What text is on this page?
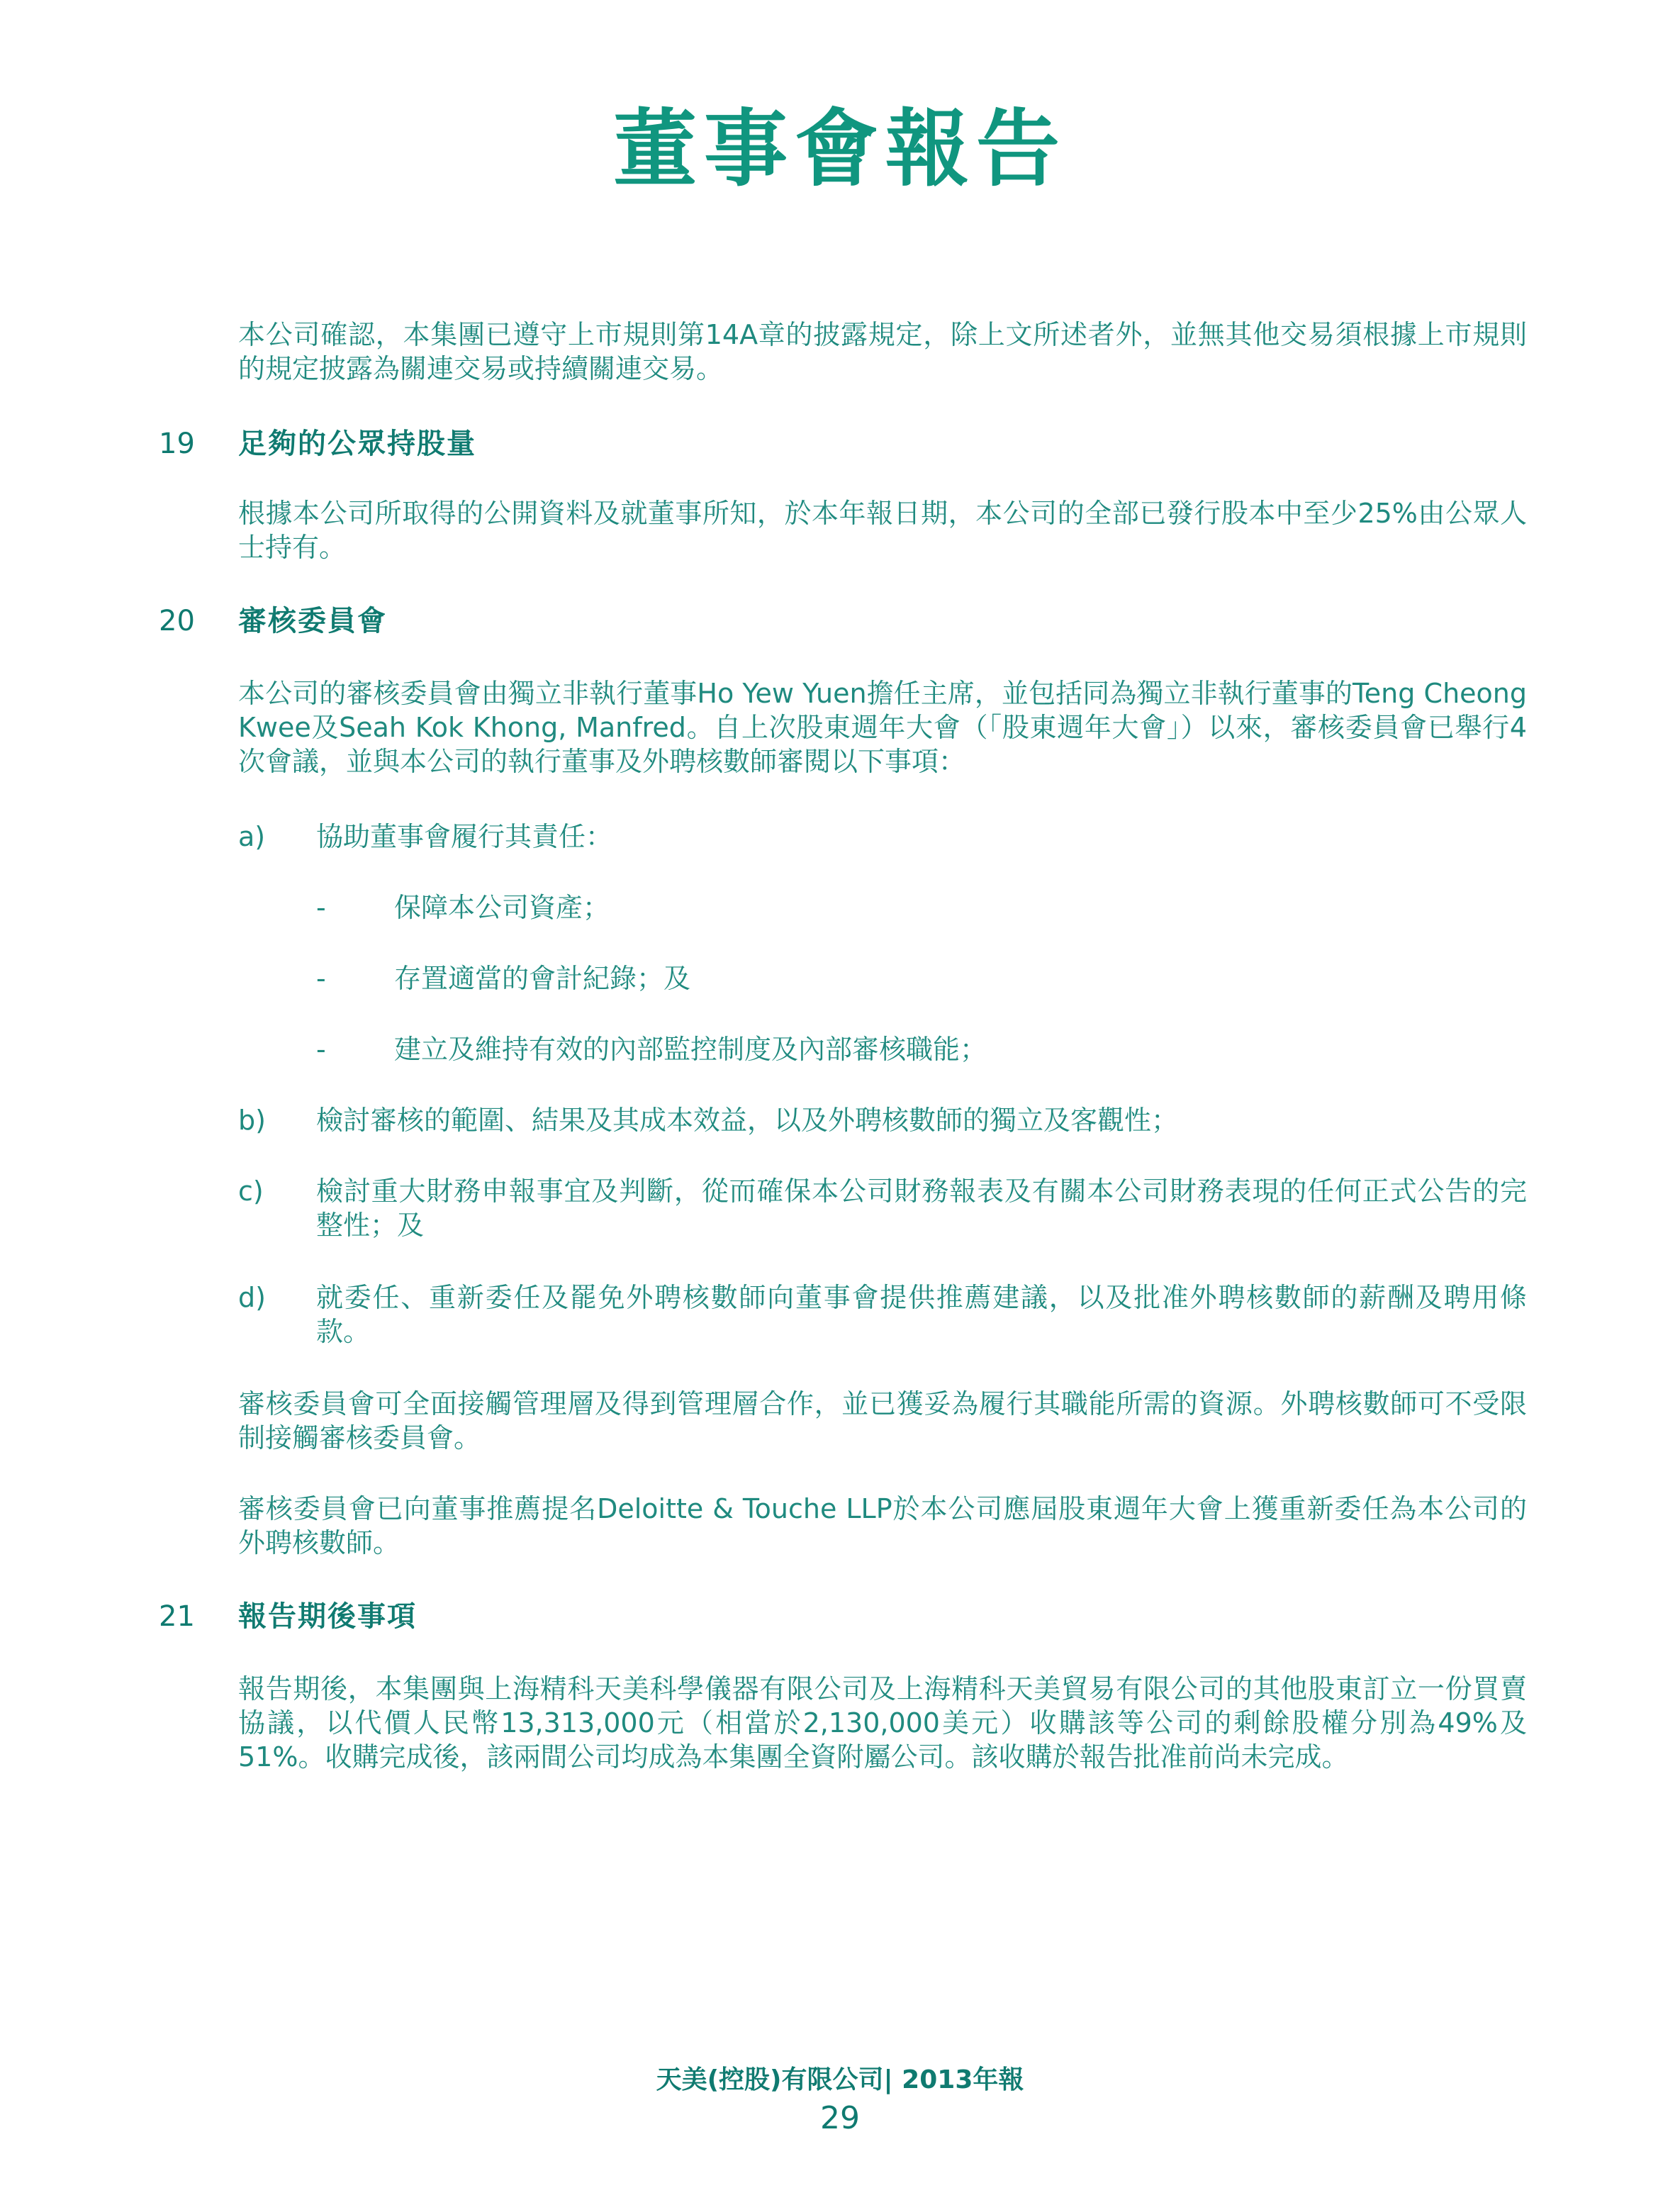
董事會報告
本公司確認，本集團已遵守上市規則第14A章的披露規定，除上文所述者外，並無其他交易須根據上市規則的規定披露為關連交易或持續關連交易。
19 足夠的公眾持股量
根據本公司所取得的公開資料及就董事所知，於本年報日期，本公司的全部已發行股本中至少25%由公眾人士持有。
20 審核委員會
本公司的審核委員會由獨立非執行董事Ho Yew Yuen擔任主席，並包括同為獨立非執行董事的Teng Cheong Kwee及Seah Kok Khong, Manfred。自上次股東週年大會（「股東週年大會」）以來，審核委員會已舉行4次會議，並與本公司的執行董事及外聘核數師審閱以下事項：
a) 協助董事會履行其責任：
-	保障本公司資產；
-	存置適當的會計紀錄；及
-	建立及維持有效的內部監控制度及內部審核職能；
b) 檢討審核的範圍、結果及其成本效益，以及外聘核數師的獨立及客觀性；
c) 檢討重大財務申報事宜及判斷，從而確保本公司財務報表及有關本公司財務表現的任何正式公告的完整性；及
d) 就委任、重新委任及罷免外聘核數師向董事會提供推薦建議，以及批准外聘核數師的薪酬及聘用條款。
審核委員會可全面接觸管理層及得到管理層合作，並已獲妥為履行其職能所需的資源。外聘核數師可不受限制接觸審核委員會。
審核委員會已向董事推薦提名Deloitte & Touche LLP於本公司應屆股東週年大會上獲重新委任為本公司的外聘核數師。
21 報告期後事項
報告期後，本集團與上海精科天美科學儀器有限公司及上海精科天美貿易有限公司的其他股東訂立一份買賣協議，以代價人民幣13,313,000元（相當於2,130,000美元）收購該等公司的剩餘股權分別為49%及51%。收購完成後，該兩間公司均成為本集團全資附屬公司。該收購於報告批准前尚未完成。
天美(控股)有限公司| 2013年報
29
